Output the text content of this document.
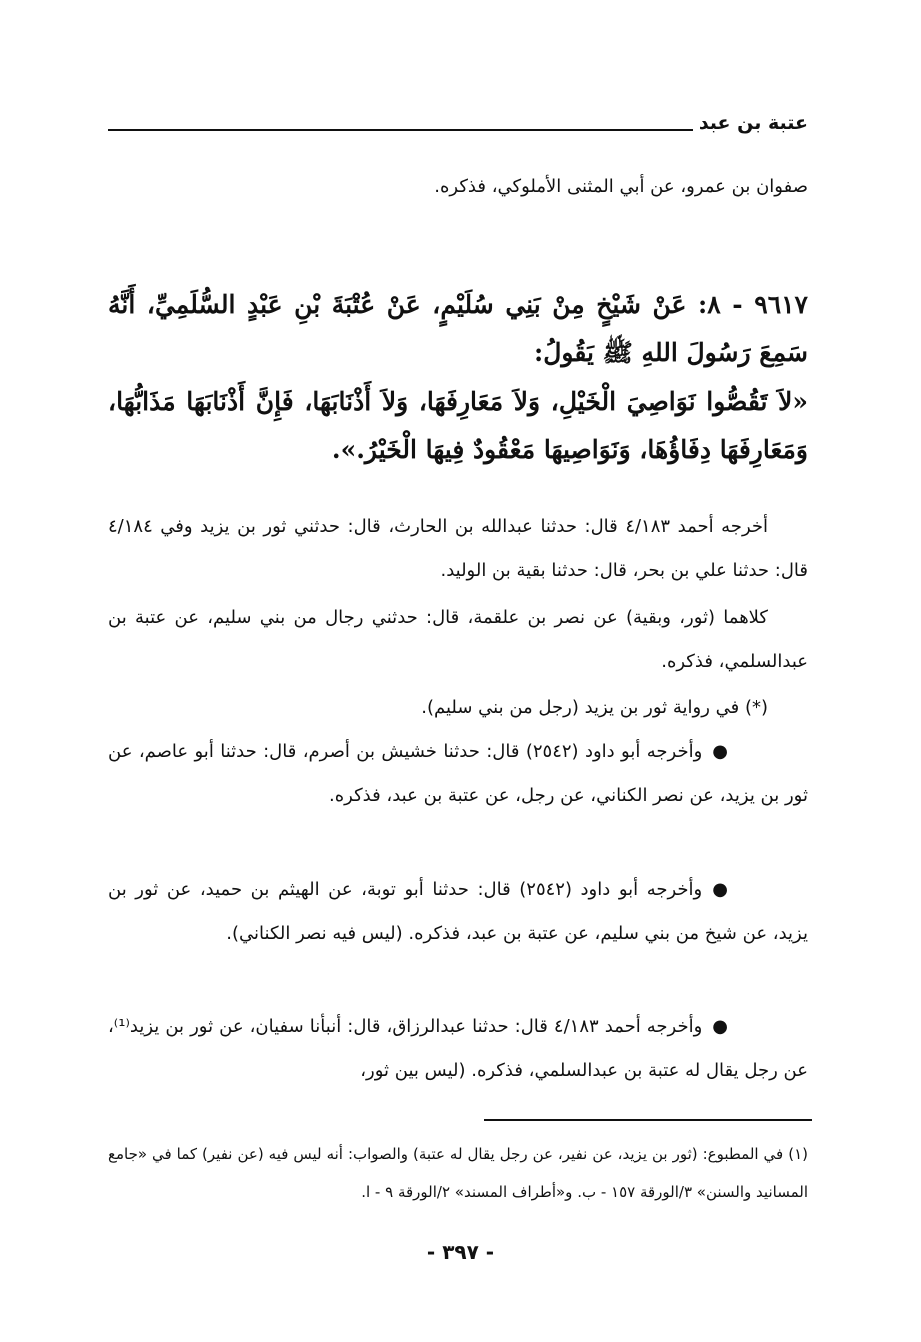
عتبة بن عبد
صفوان بن عمرو، عن أبي المثنى الأملوكي، فذكره.
٩٦١٧ - ٨: عَنْ شَيْخٍ مِنْ بَنِي سُلَيْمٍ، عَنْ عُتْبَةَ بْنِ عَبْدٍ السُّلَمِيِّ، أَنَّهُ سَمِعَ رَسُولَ اللهِ ﷺ يَقُولُ:
«لاَ تَقُصُّوا نَوَاصِيَ الْخَيْلِ، وَلاَ مَعَارِفَهَا، وَلاَ أَذْنَابَهَا، فَإِنَّ أَذْنَابَهَا مَذَابُّهَا، وَمَعَارِفَهَا دِفَاؤُهَا، وَنَوَاصِيهَا مَعْقُودٌ فِيهَا الْخَيْرُ.».
أخرجه أحمد ٤/١٨٣ قال: حدثنا عبدالله بن الحارث، قال: حدثني ثور بن يزيد وفي ٤/١٨٤ قال: حدثنا علي بن بحر، قال: حدثنا بقية بن الوليد.
كلاهما (ثور، وبقية) عن نصر بن علقمة، قال: حدثني رجال من بني سليم، عن عتبة بن عبدالسلمي، فذكره.
(*) في رواية ثور بن يزيد (رجل من بني سليم).
●وأخرجه أبو داود (٢٥٤٢) قال: حدثنا خشيش بن أصرم، قال: حدثنا أبو عاصم، عن ثور بن يزيد، عن نصر الكناني، عن رجل، عن عتبة بن عبد، فذكره.
●وأخرجه أبو داود (٢٥٤٢) قال: حدثنا أبو توبة، عن الهيثم بن حميد، عن ثور بن يزيد، عن شيخ من بني سليم، عن عتبة بن عبد، فذكره. (ليس فيه نصر الكناني).
●وأخرجه أحمد ٤/١٨٣ قال: حدثنا عبدالرزاق، قال: أنبأنا سفيان، عن ثور بن يزيد⁽¹⁾، عن رجل يقال له عتبة بن عبدالسلمي، فذكره. (ليس بين ثور،
(١) في المطبوع: (ثور بن يزيد، عن نفير، عن رجل يقال له عتبة) والصواب: أنه ليس فيه (عن نفير) كما في «جامع المسانيد والسنن» ٣/الورقة ١٥٧ - ب. و«أطراف المسند» ٢/الورقة ٩ - ا.
- ٣٩٧ -
